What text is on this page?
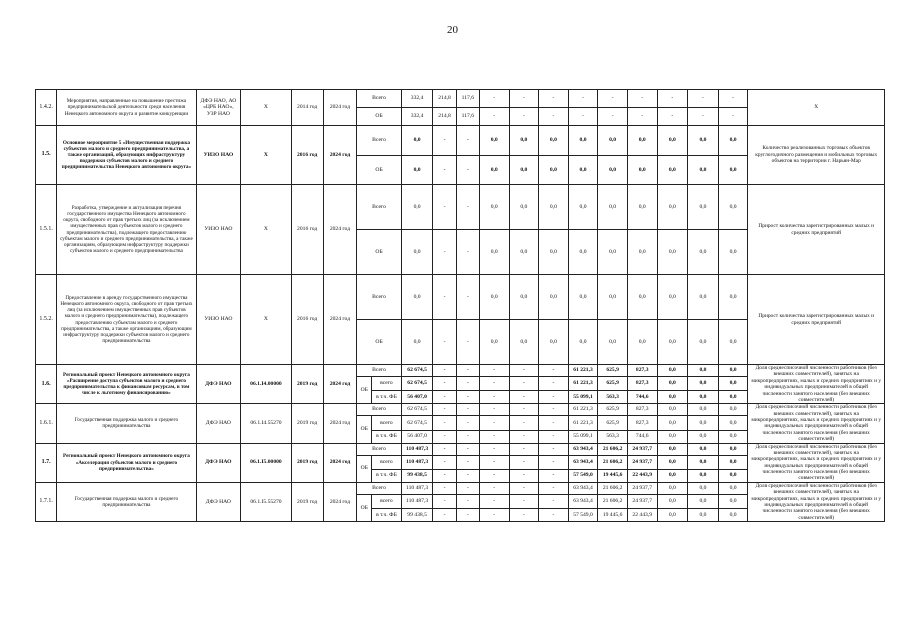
20
1.4.2.	Мероприятия, направленные на повышение престижа предпринимательской деятельности среди населения Ненецкого автономного округа и развитие конкуренции	ДФЭ НАО, АО «ЦРБ НАО», УЗР НАО	Х	2014 год	2024 год	Всего		332,4	214,8	117,6	-	-	-	-	-	-	-	-	-	Х
						ОБ		332,4	214,8	117,6	-	-	-	-	-	-	-	-	-	
1.5.	Основное мероприятие 5 «Имущественная поддержка субъектов малого и среднего предпринимательства, а также организаций, образующих инфраструктуру поддержки субъектов малого и среднего предпринимательства Ненецкого автономного округа»	УИЗО НАО	Х	2016 год	2024 год	Всего		0,0	-	-	0,0	0,0	0,0	0,0	0,0	0,0	0,0	0,0	0,0	Количество реализованных торговых объектов круглогодичного размещения и мобильных торговых объектов на территории г. Нарьян-Мар
						ОБ		0,0	-	-	0,0	0,0	0,0	0,0	0,0	0,0	0,0	0,0	0,0	
1.5.1.	Разработка, утверждение и актуализация перечня государственного имущества Ненецкого автономного округа, свободного от прав третьих лиц (за исключением имущественных прав субъектов малого и среднего предпринимательства), подлежащего предоставлению субъектам малого и среднего предпринимательства, а также организациям, образующим инфраструктуру поддержки субъектов малого и среднего предпринимательства	УИЗО НАО	Х	2016 год	2024 год	Всего		0,0	-	-	0,0	0,0	0,0	0,0	0,0	0,0	0,0	0,0	0,0	Прирост количества зарегистрированных малых и средних предприятий
						ОБ		0,0	-	-	0,0	0,0	0,0	0,0	0,0	0,0	0,0	0,0	0,0	
1.5.2.	Предоставление в аренду государственного имущества Ненецкого автономного округа, свободного от прав третьих лиц (за исключением имущественных прав субъектов малого и среднего предпринимательства), подлежащего предоставлению субъектам малого и среднего предпринимательства, а также организациям, образующим инфраструктуру поддержки субъектов малого и среднего предпринимательства	УИЗО НАО	Х	2016 год	2024 год	Всего		0,0	-	-	0,0	0,0	0,0	0,0	0,0	0,0	0,0	0,0	0,0	Прирост количества зарегистрированных малых и средних предприятий
						ОБ		0,0	-	-	0,0	0,0	0,0	0,0	0,0	0,0	0,0	0,0	0,0	
1.6.	Региональный проект Ненецкого автономного округа «Расширение доступа субъектов малого и среднего предпринимательства к финансовым ресурсам, в том числе к льготному финансированию»	ДФЭ НАО	06.1.I4.00000	2019 год	2024 год	Всего		62 674,5	-	-	-	-	-	61 221,3	625,9	827,3	0,0	0,0	0,0	Доля среднесписочной численности работников (без внешних совместителей), занятых на микропредприятиях, малых и средних предприятиях и у индивидуальных предпринимателей в общей численности занятого населения (без внешних совместителей)
						ОБ	всего	62 674,5	-	-	-	-	-	61 221,3	625,9	827,3	0,0	0,0	0,0	
							в т.ч. ФБ	56 407,0	-	-	-	-	-	55 099,1	563,3	744,6	0,0	0,0	0,0	
1.6.1.	Государственная поддержка малого и среднего предпринимательства	ДФЭ НАО	06.1.I4.55270	2019 год	2024 год	Всего		62 674,5	-	-	-	-	-	61 221,3	625,9	827,3	0,0	0,0	0,0	Доля среднесписочной численности работников (без внешних совместителей), занятых на микропредприятиях, малых и средних предприятиях и у индивидуальных предпринимателей в общей численности занятого населения (без внешних совместителей)
						ОБ	всего	62 674,5	-	-	-	-	-	61 221,3	625,9	827,3	0,0	0,0	0,0	
							в т.ч. ФБ	56 407,0	-	-	-	-	-	55 099,1	563,3	744,6	0,0	0,0	0,0	
1.7.	Региональный проект Ненецкого автономного округа «Акселерация субъектов малого и среднего предпринимательства»	ДФЭ НАО	06.1.I5.00000	2019 год	2024 год	Всего		110 487,3	-	-	-	-	-	63 943,4	21 606,2	24 937,7	0,0	0,0	0,0	Доля среднесписочной численности работников (без внешних совместителей), занятых на микропредприятиях, малых и средних предприятиях и у индивидуальных предпринимателей в общей численности занятого населения (без внешних совместителей)
						ОБ	всего	110 487,3	-	-	-	-	-	63 943,4	21 606,2	24 937,7	0,0	0,0	0,0	
							в т.ч. ФБ	99 438,5	-	-	-	-	-	57 549,0	19 445,6	22 443,9	0,0	0,0	0,0	
1.7.1.	Государственная поддержка малого и среднего предпринимательства	ДФЭ НАО	06.1.I5.55270	2019 год	2024 год	Всего		110 487,3	-	-	-	-	-	63 943,4	21 606,2	24 937,7	0,0	0,0	0,0	Доля среднесписочной численности работников (без внешних совместителей), занятых на микропредприятиях, малых и средних предприятиях и у индивидуальных предпринимателей в общей численности занятого населения (без внешних совместителей)
						ОБ	всего	110 487,3	-	-	-	-	-	63 943,4	21 606,2	24 937,7	0,0	0,0	0,0	
							в т.ч. ФБ	99 438,5	-	-	-	-	-	57 549,0	19 445,6	22 443,9	0,0	0,0	0,0	
